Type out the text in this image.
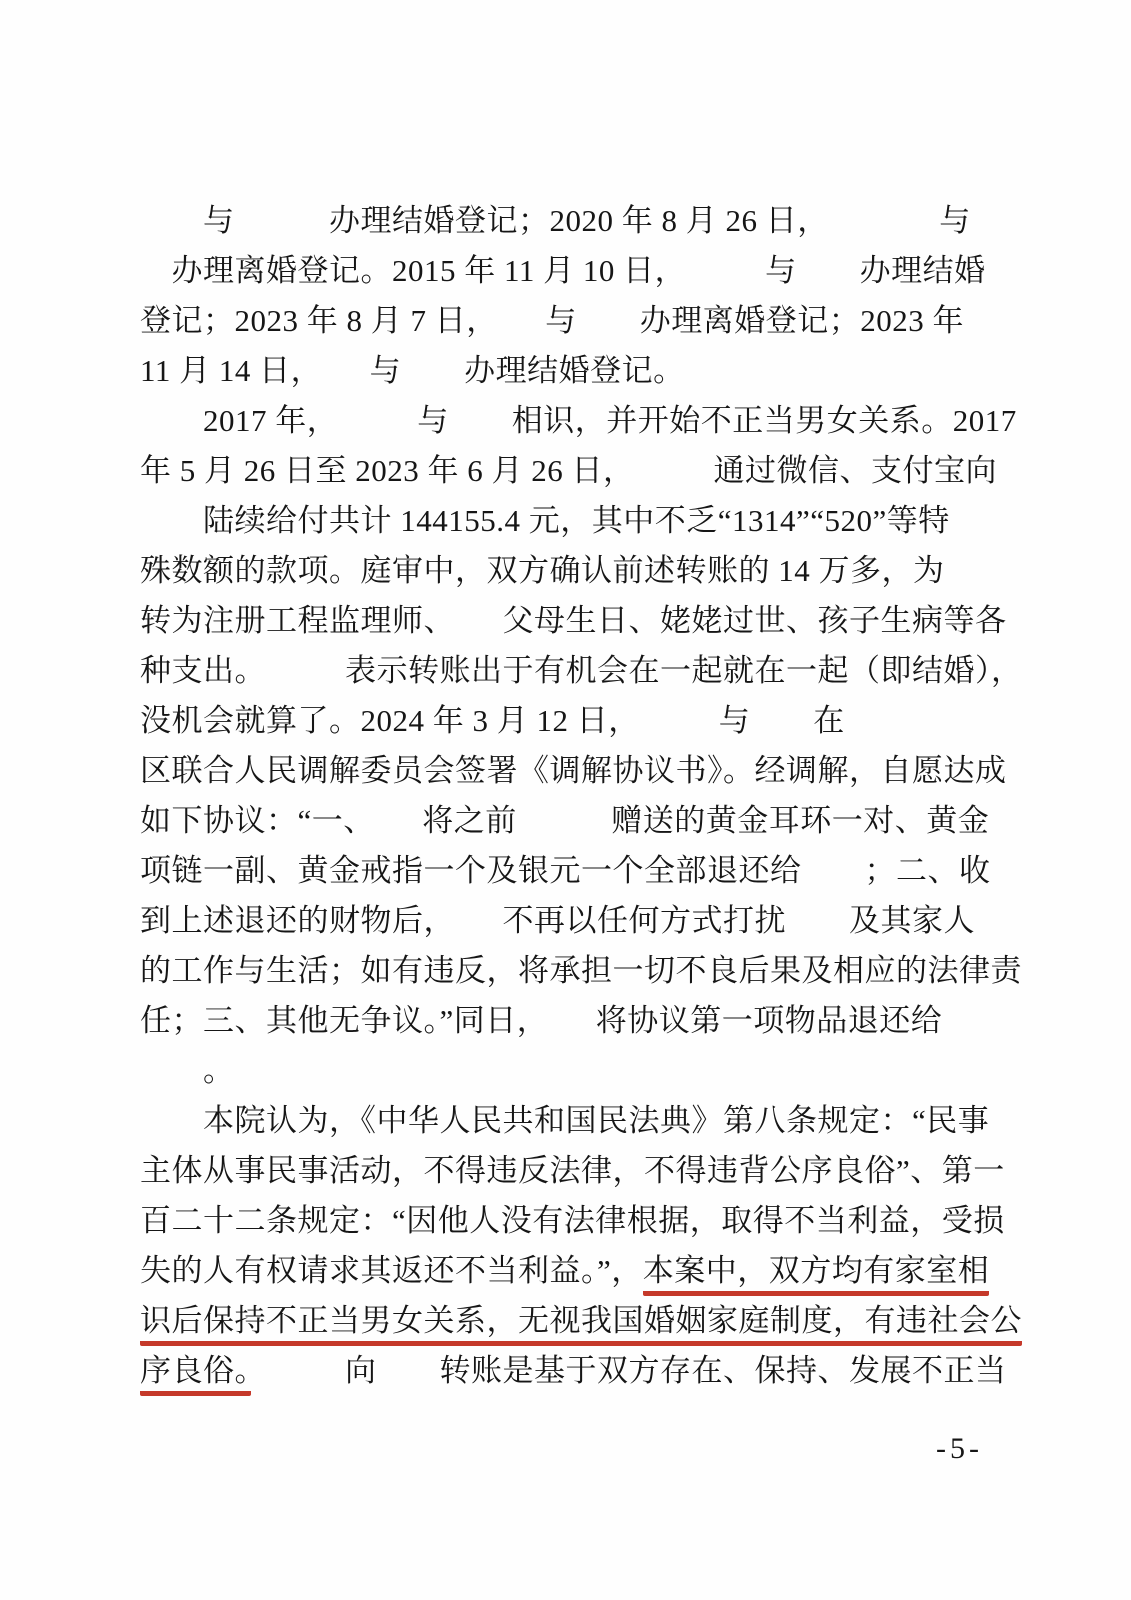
　　与　　　办理结婚登记；2020 年 8 月 26 日，　　　　与
　办理离婚登记。2015 年 11 月 10 日，　　　与　　办理结婚
登记；2023 年 8 月 7 日，　　与　　办理离婚登记；2023 年
11 月 14 日，　　与　　办理结婚登记。
　　2017 年，　　　与　　相识，并开始不正当男女关系。2017
年 5 月 26 日至 2023 年 6 月 26 日，　　　通过微信、支付宝向
　　陆续给付共计 144155.4 元，其中不乏“1314”“520”等特
殊数额的款项。庭审中，双方确认前述转账的 14 万多，为
转为注册工程监理师、　　父母生日、姥姥过世、孩子生病等各
种支出。　　　表示转账出于有机会在一起就在一起（即结婚），
没机会就算了。2024 年 3 月 12 日，　　　与　　在
区联合人民调解委员会签署《调解协议书》。经调解，自愿达成
如下协议：“一、　　将之前　　　赠送的黄金耳环一对、黄金
项链一副、黄金戒指一个及银元一个全部退还给　　；二、收
到上述退还的财物后，　　不再以任何方式打扰　　及其家人
的工作与生活；如有违反，将承担一切不良后果及相应的法律责
任；三、其他无争议。”同日，　　将协议第一项物品退还给
　　。
　　本院认为，《中华人民共和国民法典》第八条规定：“民事
主体从事民事活动，不得违反法律，不得违背公序良俗”、第一
百二十二条规定：“因他人没有法律根据，取得不当利益，受损
失的人有权请求其返还不当利益。”，本案中，双方均有家室相
识后保持不正当男女关系，无视我国婚姻家庭制度，有违社会公
序良俗。　　　向　　转账是基于双方存在、保持、发展不正当
-5-
